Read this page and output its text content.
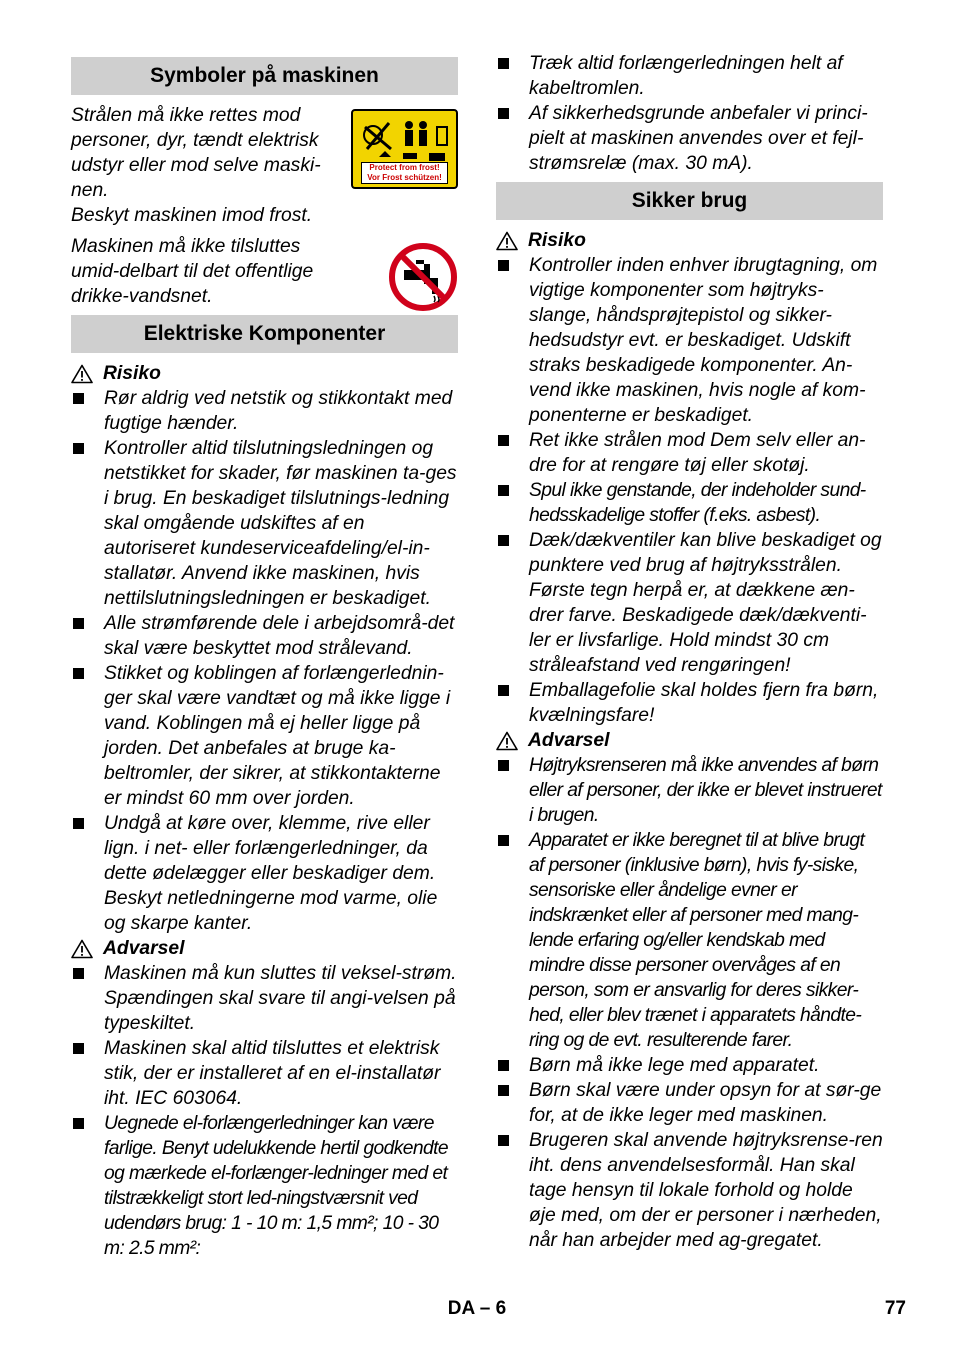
Symboler på maskinen
Strålen må ikke rettes mod personer, dyr, tændt elektrisk udstyr eller mod selve maski-nen.
Beskyt maskinen imod frost.
Protect from frost!
Vor Frost schützen!
Maskinen må ikke tilsluttes umid-delbart til det offentlige drikke-vandsnet.
Elektriske Komponenter
Risiko
Rør aldrig ved netstik og stikkontakt med fugtige hænder.
Kontroller altid tilslutningsledningen og netstikket for skader, før maskinen ta-ges i brug. En beskadiget tilslutnings-ledning skal omgående udskiftes af en autoriseret kundeserviceafdeling/el-in-stallatør. Anvend ikke maskinen, hvis nettilslutningsledningen er beskadiget.
Alle strømførende dele i arbejdsområ-det skal være beskyttet mod strålevand.
Stikket og koblingen af forlængerlednin-ger skal være vandtæt og må ikke ligge i vand. Koblingen må ej heller ligge på jorden. Det anbefales at bruge ka-beltromler, der sikrer, at stikkontakterne er mindst 60 mm over jorden.
Undgå at køre over, klemme, rive eller lign. i net- eller forlængerledninger, da dette ødelægger eller beskadiger dem. Beskyt netledningerne mod varme, olie og skarpe kanter.
Advarsel
Maskinen må kun sluttes til veksel-strøm. Spændingen skal svare til angi-velsen på typeskiltet.
Maskinen skal altid tilsluttes et elektrisk stik, der er installeret af en el-installatør iht. IEC 603064.
Uegnede el-forlængerledninger kan være farlige. Benyt udelukkende hertil godkendte og mærkede el-forlænger-ledninger med et tilstrækkeligt stort led-ningstværsnit ved udendørs brug: 1 - 10 m: 1,5 mm²; 10 - 30 m: 2.5 mm²:
Træk altid forlængerledningen helt af kabeltromlen.
Af sikkerhedsgrunde anbefaler vi princi-pielt at maskinen anvendes over et fejl-strømsrelæ (max. 30 mA).
Sikker brug
Risiko
Kontroller inden enhver ibrugtagning, om vigtige komponenter som højtryks-slange, håndsprøjtepistol og sikker-hedsudstyr evt. er beskadiget. Udskift straks beskadigede komponenter. An-vend ikke maskinen, hvis nogle af kom-ponenterne er beskadiget.
Ret ikke strålen mod Dem selv eller an-dre for at rengøre tøj eller skotøj.
Spul ikke genstande, der indeholder sund-hedsskadelige stoffer (f.eks. asbest).
Dæk/dækventiler kan blive beskadiget og punktere ved brug af højtryksstrålen. Første tegn herpå er, at dækkene æn-drer farve. Beskadigede dæk/dækventi-ler er livsfarlige. Hold mindst 30 cm stråleafstand ved rengøringen!
Emballagefolie skal holdes fjern fra børn, kvælningsfare!
Advarsel
Højtryksrenseren må ikke anvendes af børn eller af personer, der ikke er blevet instrueret i brugen.
Apparatet er ikke beregnet til at blive brugt af personer (inklusive børn), hvis fy-siske, sensoriske eller åndelige evner er indskrænket eller af personer med mang-lende erfaring og/eller kendskab med mindre disse personer overvåges af en person, som er ansvarlig for deres sikker-hed, eller blev trænet i apparatets håndte-ring og de evt. resulterende farer.
Børn må ikke lege med apparatet.
Børn skal være under opsyn for at sør-ge for, at de ikke leger med maskinen.
Brugeren skal anvende højtryksrense-ren iht. dens anvendelsesformål. Han skal tage hensyn til lokale forhold og holde øje med, om der er personer i nærheden, når han arbejder med ag-gregatet.
DA – 6	77
